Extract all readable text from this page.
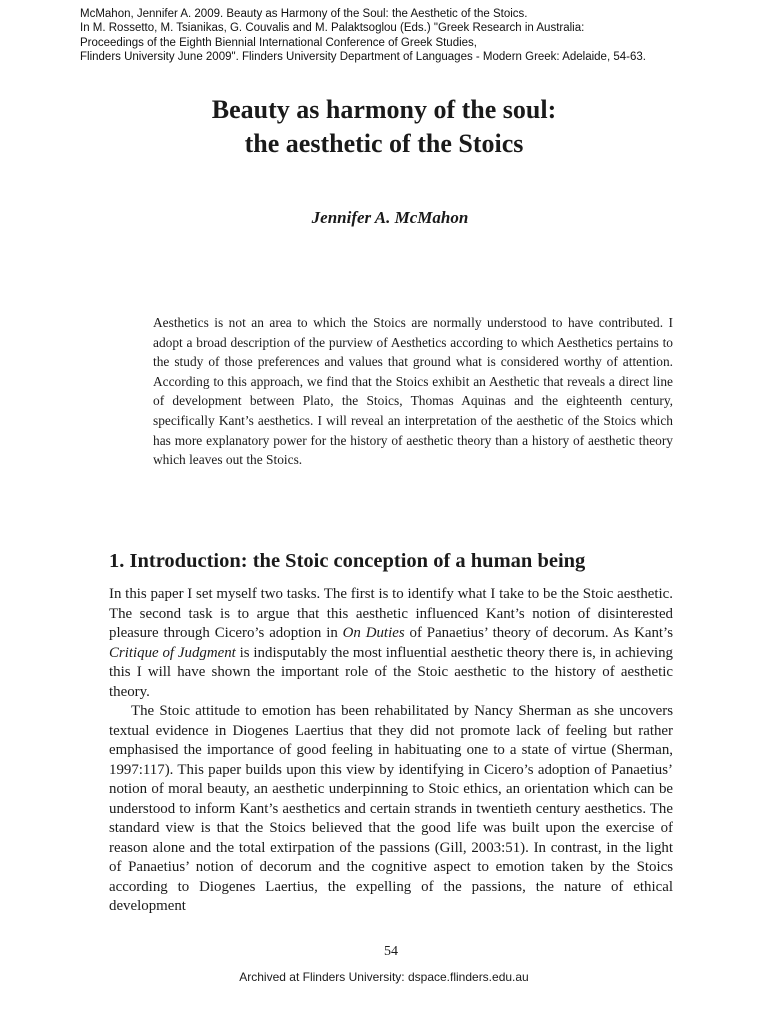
McMahon, Jennifer A. 2009. Beauty as Harmony of the Soul: the Aesthetic of the Stoics.
In M. Rossetto, M. Tsianikas, G. Couvalis and M. Palaktsoglou (Eds.) "Greek Research in Australia:
Proceedings of the Eighth Biennial International Conference of Greek Studies,
Flinders University June 2009". Flinders University Department of Languages - Modern Greek: Adelaide, 54-63.
Beauty as harmony of the soul:
the aesthetic of the Stoics
Jennifer A. McMahon
Aesthetics is not an area to which the Stoics are normally understood to have contributed. I adopt a broad description of the purview of Aesthetics according to which Aesthetics pertains to the study of those preferences and values that ground what is considered worthy of attention. According to this approach, we find that the Stoics exhibit an Aesthetic that reveals a direct line of development between Plato, the Stoics, Thomas Aquinas and the eighteenth century, specifically Kant’s aesthetics. I will reveal an interpretation of the aesthetic of the Stoics which has more explanatory power for the history of aesthetic theory than a history of aesthetic theory which leaves out the Stoics.
1. Introduction: the Stoic conception of a human being

In this paper I set myself two tasks. The first is to identify what I take to be the Stoic aesthetic. The second task is to argue that this aesthetic influenced Kant’s notion of disinterested pleasure through Cicero’s adoption in On Duties of Panaetius’ theory of decorum. As Kant’s Critique of Judgment is indisputably the most influential aesthetic theory there is, in achieving this I will have shown the important role of the Stoic aesthetic to the history of aesthetic theory.

The Stoic attitude to emotion has been rehabilitated by Nancy Sherman as she uncovers textual evidence in Diogenes Laertius that they did not promote lack of feeling but rather emphasised the importance of good feeling in habituating one to a state of virtue (Sherman, 1997:117). This paper builds upon this view by identifying in Cicero’s adoption of Panaetius’ notion of moral beauty, an aesthetic underpinning to Stoic ethics, an orientation which can be understood to inform Kant’s aesthetics and certain strands in twentieth century aesthetics. The standard view is that the Stoics believed that the good life was built upon the exercise of reason alone and the total extirpation of the passions (Gill, 2003:51). In contrast, in the light of Panaetius’ notion of decorum and the cognitive aspect to emotion taken by the Stoics according to Diogenes Laertius, the expelling of the passions, the nature of ethical development

54
Archived at Flinders University: dspace.flinders.edu.au
